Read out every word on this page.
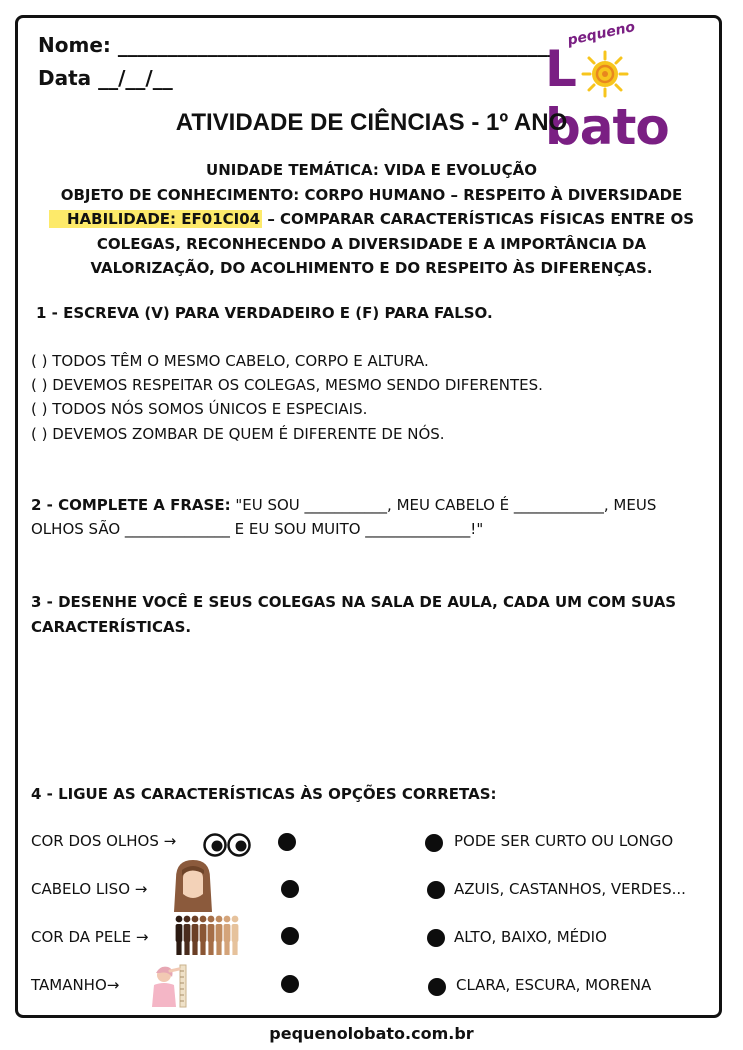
Nome: ____________________________________________
Data __/__/__
pequeno
Lbato
ATIVIDADE DE CIÊNCIAS - 1º ANO
UNIDADE TEMÁTICA: VIDA E EVOLUÇÃO
OBJETO DE CONHECIMENTO: CORPO HUMANO – RESPEITO À DIVERSIDADE
HABILIDADE: EF01CI04 – COMPARAR CARACTERÍSTICAS FÍSICAS ENTRE OS COLEGAS, RECONHECENDO A DIVERSIDADE E A IMPORTÂNCIA DA VALORIZAÇÃO, DO ACOLHIMENTO E DO RESPEITO ÀS DIFERENÇAS.
1 - ESCREVA (V) PARA VERDADEIRO E (F) PARA FALSO.
( ) TODOS TÊM O MESMO CABELO, CORPO E ALTURA.
( ) DEVEMOS RESPEITAR OS COLEGAS, MESMO SENDO DIFERENTES.
( ) TODOS NÓS SOMOS ÚNICOS E ESPECIAIS.
( ) DEVEMOS ZOMBAR DE QUEM É DIFERENTE DE NÓS.
2 - COMPLETE A FRASE: "EU SOU ___________, MEU CABELO É ____________, MEUS
OLHOS SÃO ______________ E EU SOU MUITO ______________!"
3 - DESENHE VOCÊ E SEUS COLEGAS NA SALA DE AULA, CADA UM COM SUAS
CARACTERÍSTICAS.
4 - LIGUE AS CARACTERÍSTICAS ÀS OPÇÕES CORRETAS:
COR DOS OLHOS →
CABELO LISO →
COR DA PELE →
TAMANHO→
PODE SER CURTO OU LONGO
AZUIS, CASTANHOS, VERDES...
ALTO, BAIXO, MÉDIO
CLARA, ESCURA, MORENA
pequenolobato.com.br
